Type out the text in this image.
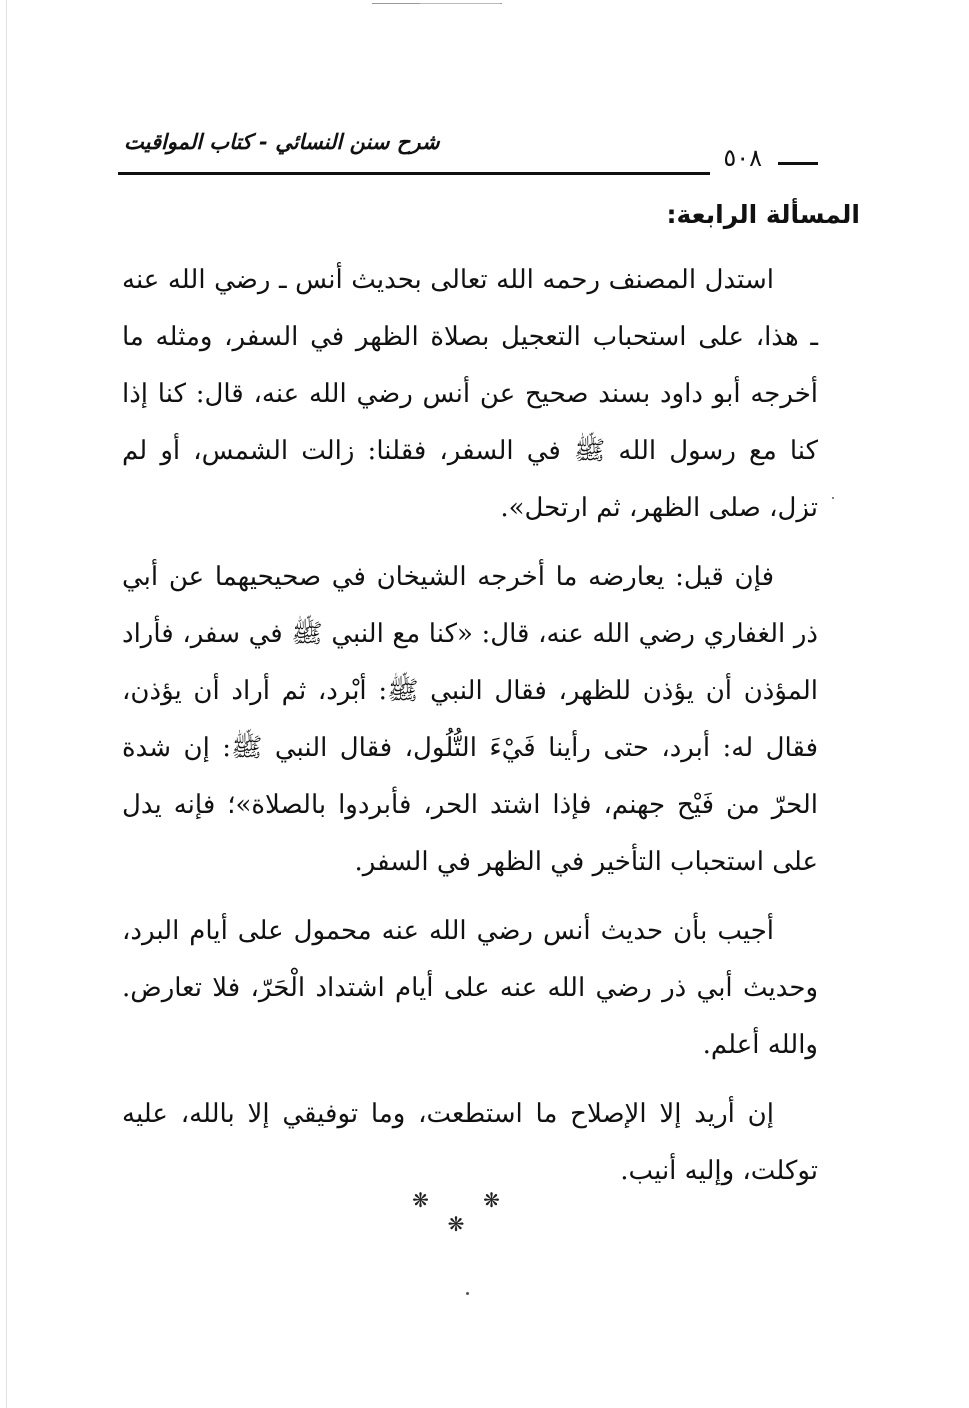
شرح سنن النسائي - كتاب المواقيت
٥٠٨
المسألة الرابعة:

استدل المصنف رحمه الله تعالى بحديث أنس ـ رضي الله عنه ـ هذا، على استحباب التعجيل بصلاة الظهر في السفر، ومثله ما أخرجه أبو داود بسند صحيح عن أنس رضي الله عنه، قال: كنا إذا كنا مع رسول الله ﷺ في السفر، فقلنا: زالت الشمس، أو لم تزل، صلى الظهر، ثم ارتحل».

فإن قيل: يعارضه ما أخرجه الشيخان في صحيحيهما عن أبي ذر الغفاري رضي الله عنه، قال: «كنا مع النبي ﷺ في سفر، فأراد المؤذن أن يؤذن للظهر، فقال النبي ﷺ: أبْرد، ثم أراد أن يؤذن، فقال له: أبرد، حتى رأينا فَيْءَ التُّلُول، فقال النبي ﷺ: إن شدة الحرّ من فَيْح جهنم، فإذا اشتد الحر، فأبردوا بالصلاة»؛ فإنه يدل على استحباب التأخير في الظهر في السفر.

أجيب بأن حديث أنس رضي الله عنه محمول على أيام البرد، وحديث أبي ذر رضي الله عنه على أيام اشتداد الْحَرّ، فلا تعارض. والله أعلم.

إن أريد إلا الإصلاح ما استطعت، وما توفيقي إلا بالله، عليه توكلت، وإليه أنيب.

❋ ❋ ❋
